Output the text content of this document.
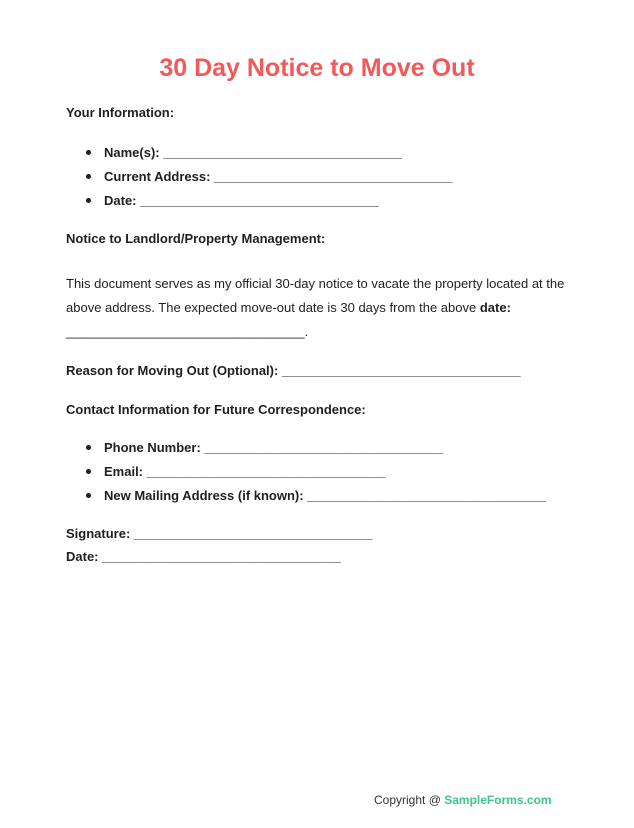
30 Day Notice to Move Out
Your Information:
Name(s): _________________________________
Current Address: _________________________________
Date: _________________________________
Notice to Landlord/Property Management:
This document serves as my official 30-day notice to vacate the property located at the
above address. The expected move-out date is 30 days from the above date:
_________________________________.
Reason for Moving Out (Optional): _________________________________
Contact Information for Future Correspondence:
Phone Number: _________________________________
Email: _________________________________
New Mailing Address (if known): _________________________________
Signature: _________________________________
Date: _________________________________
Copyright @ SampleForms.com
